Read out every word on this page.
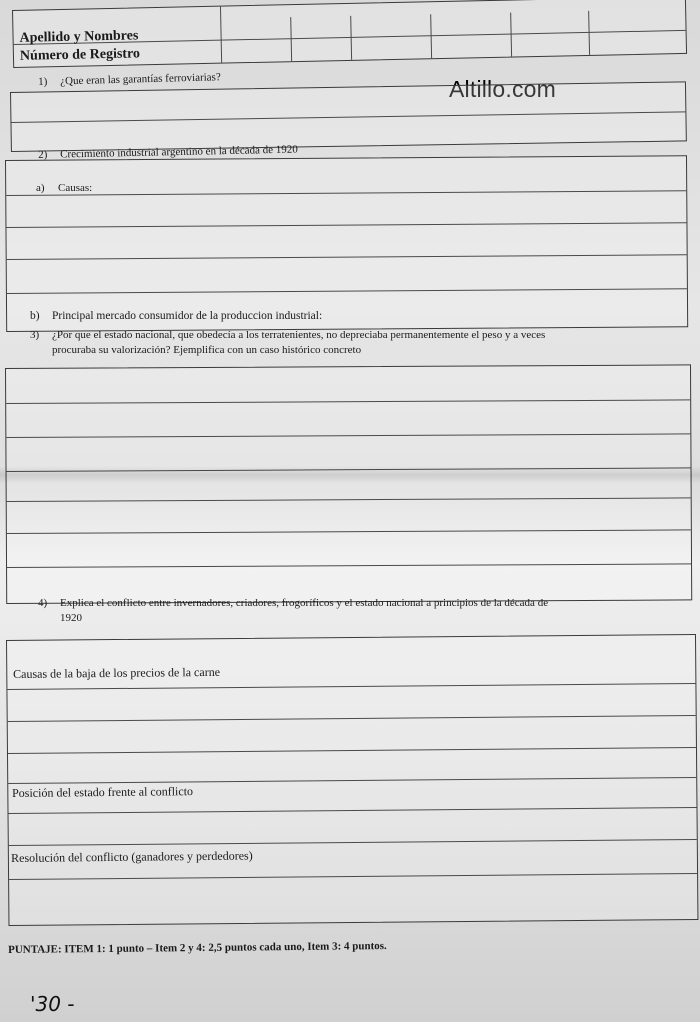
Apellido y Nombres
Número de Registro
Altillo.com
1) ¿Que eran las garantías ferroviarias?
2) Crecimiento industrial argentino en la década de 1920
a) Causas:
b) Principal mercado consumidor de la produccion industrial:
3) ¿Por que el estado nacional, que obedecía a los terratenientes, no depreciaba permanentemente el peso y a veces
procuraba su valorización? Ejemplifica con un caso histórico concreto
4) Explica el conflicto entre invernadores, criadores, frogoríficos y el estado nacional a principios de la década de
1920
Causas de la baja de los precios de la carne
Posición del estado frente al conflicto
Resolución del conflicto (ganadores y perdedores)
PUNTAJE: ITEM 1: 1 punto – Item 2 y 4: 2,5 puntos cada uno, Item 3: 4 puntos.
'30 -
